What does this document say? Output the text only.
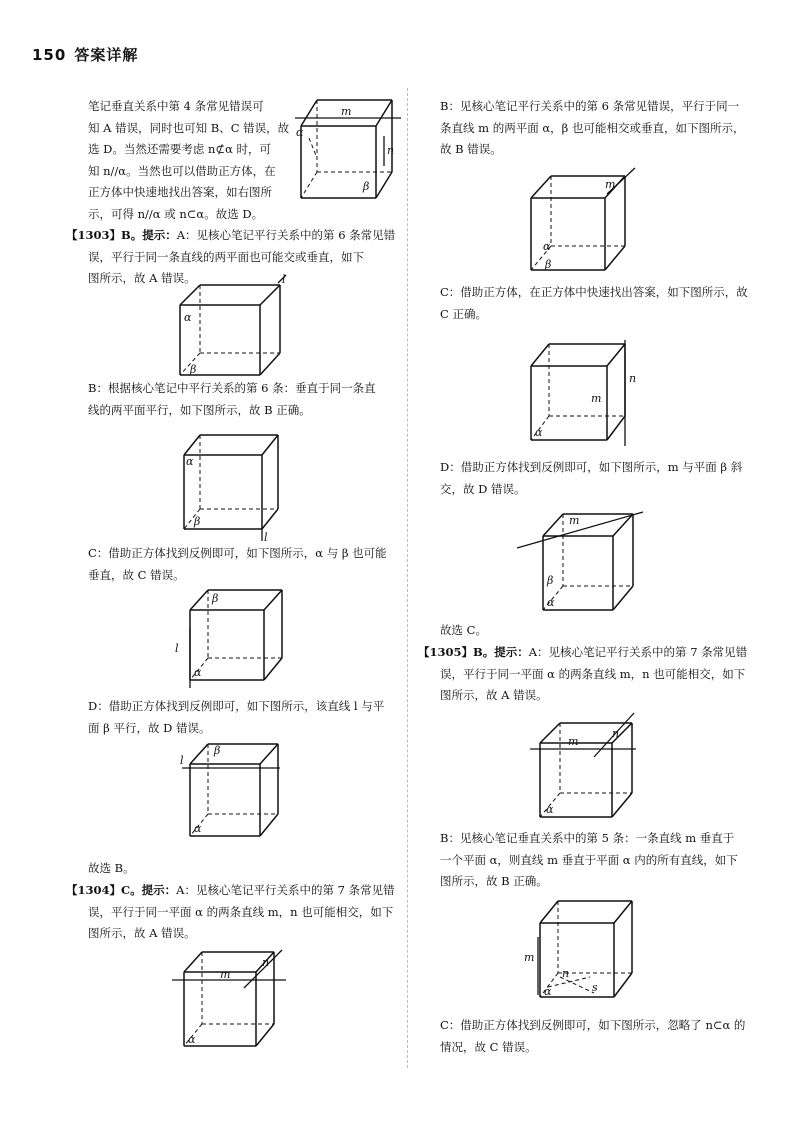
150 答案详解
笔记垂直关系中第 4 条常见错误可
知 A 错误，同时也可知 B、C 错误，故
选 D。当然还需要考虑 n⊄α 时，可
知 n//α。当然也可以借助正方体，在
正方体中快速地找出答案，如右图所
示，可得 n//α 或 n⊂α。故选 D。
m
n
α
β
【1303】B。提示：A：见核心笔记平行关系中的第 6 条常见错
误，平行于同一条直线的两平面也可能交或垂直，如下
图所示，故 A 错误。	l
α
β
B：根据核心笔记中平行关系的第 6 条：垂直于同一条直
线的两平面平行，如下图所示，故 B 正确。
l
α
β
C：借助正方体找到反例即可，如下图所示，α 与 β 也可能
垂直，故 C 错误。
l
β
α
D：借助正方体找到反例即可，如下图所示，该直线 l 与平
面 β 平行，故 D 错误。
l
β
α
故选 B。
【1304】C。提示：A：见核心笔记平行关系中的第 7 条常见错
误，平行于同一平面 α 的两条直线 m，n 也可能相交，如下
图所示，故 A 错误。
m
n
α
B：见核心笔记平行关系中的第 6 条常见错误，平行于同一
条直线 m 的两平面 α，β 也可能相交或垂直，如下图所示，
故 B 错误。
m
α
β
C：借助正方体，在正方体中快速找出答案，如下图所示，故
C 正确。
n
m
α
D：借助正方体找到反例即可，如下图所示，m 与平面 β 斜
交，故 D 错误。
m
β
α
故选 C。
【1305】B。提示：A：见核心笔记平行关系中的第 7 条常见错
误，平行于同一平面 α 的两条直线 m，n 也可能相交，如下
图所示，故 A 错误。
m
n
α
B：见核心笔记垂直关系中的第 5 条：一条直线 m 垂直于
一个平面 α，则直线 m 垂直于平面 α 内的所有直线，如下
图所示，故 B 正确。
m
n
s
α
C：借助正方体找到反例即可，如下图所示，忽略了 n⊂α 的
情况，故 C 错误。
